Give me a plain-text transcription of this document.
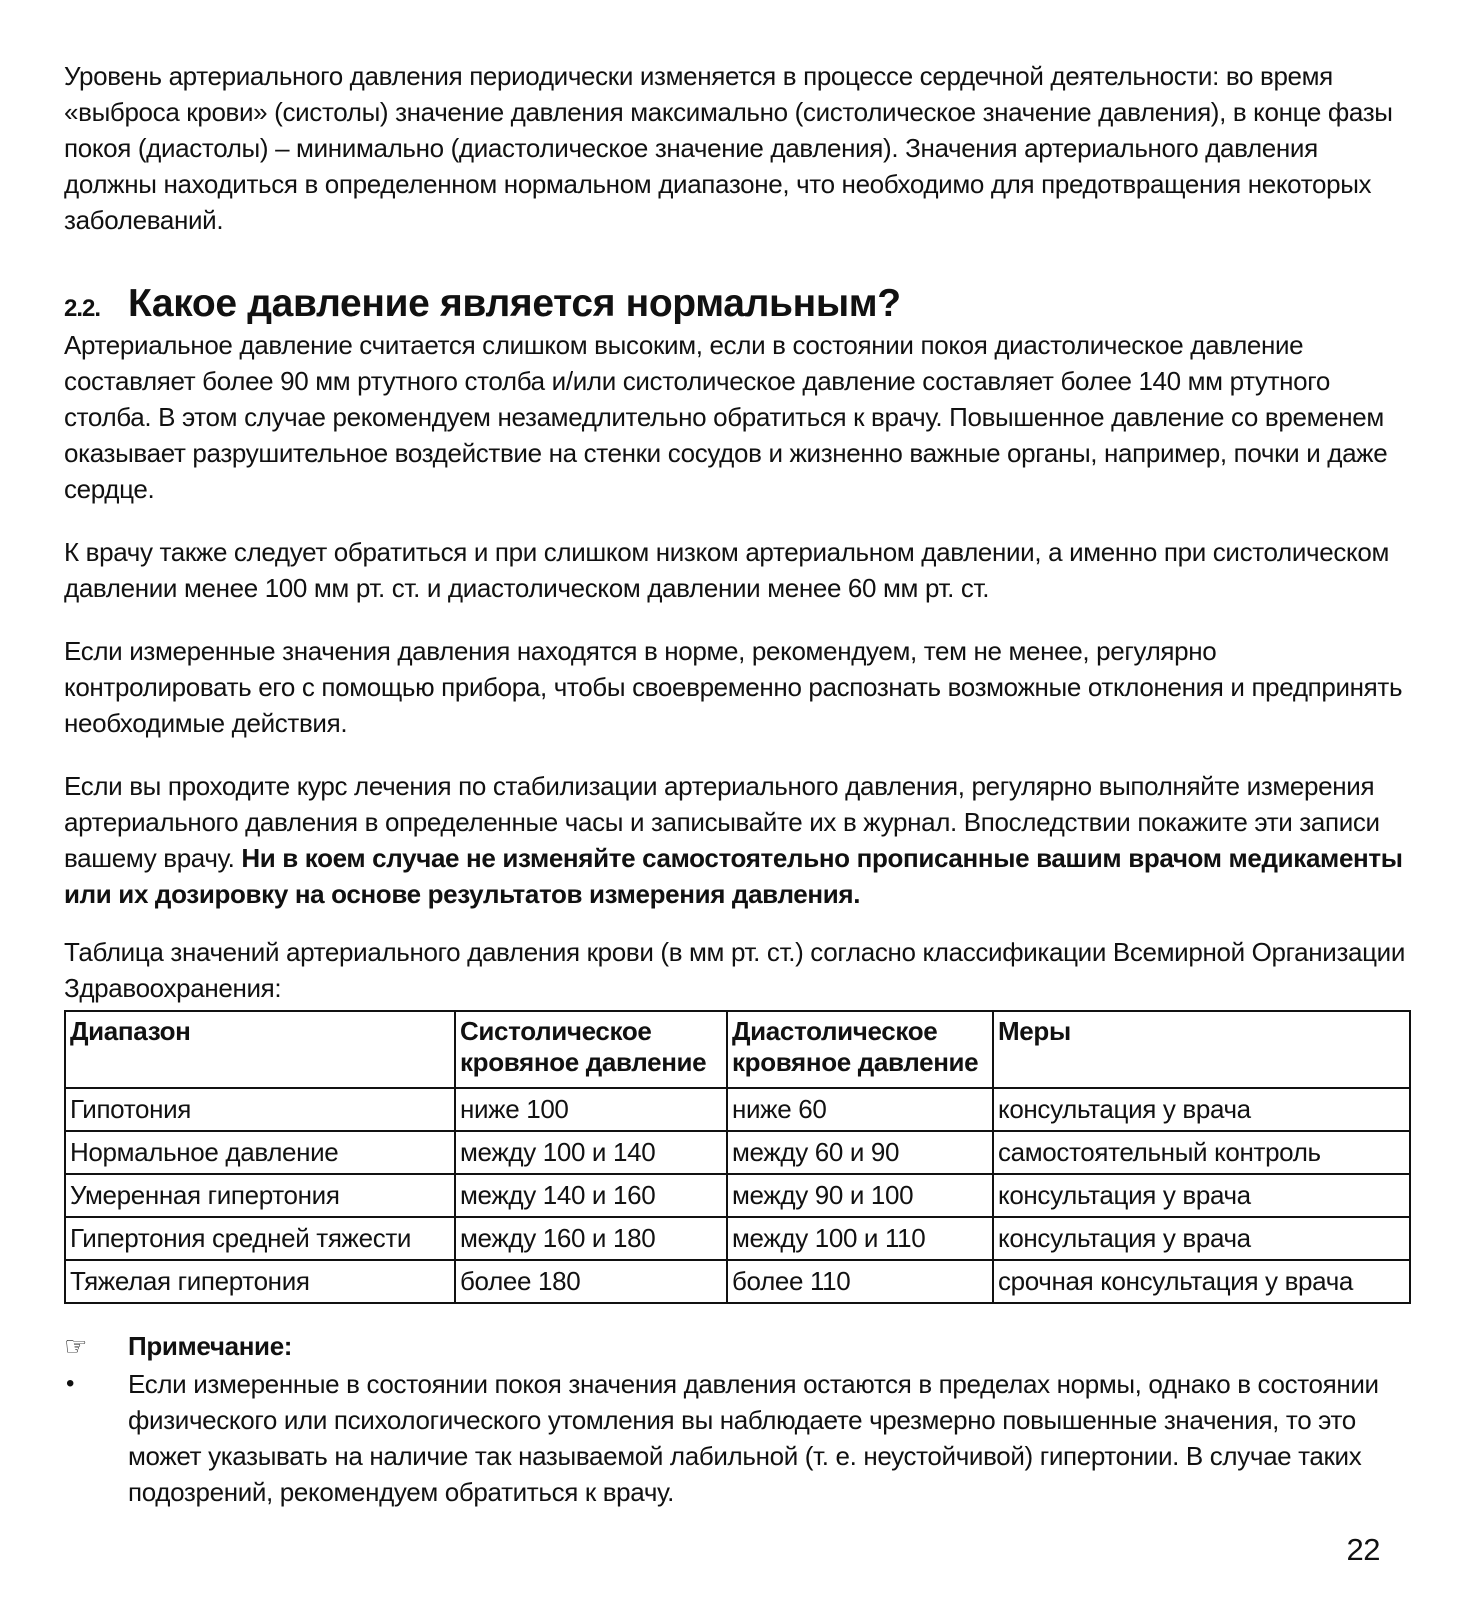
Уровень артериального давления периодически изменяется в процессе сердечной деятельности: во время «выброса крови» (систолы) значение давления максимально (систолическое значение давления), в конце фазы покоя (диастолы) – минимально (диастолическое значение давления). Значения артериального давления должны находиться в определенном нормальном диапазоне, что необходимо для предотвращения некоторых заболеваний.

2.2. Какое давление является нормальным?

Артериальное давление считается слишком высоким, если в состоянии покоя диастолическое давление составляет более 90 мм ртутного столба и/или систолическое давление составляет более 140 мм ртутного столба. В этом случае рекомендуем незамедлительно обратиться к врачу. Повышенное давление со временем оказывает разрушительное воздействие на стенки сосудов и жизненно важные органы, например, почки и даже сердце.

К врачу также следует обратиться и при слишком низком артериальном давлении, а именно при систолическом давлении менее 100 мм рт. ст. и диастолическом давлении менее 60 мм рт. ст.

Если измеренные значения давления находятся в норме, рекомендуем, тем не менее, регулярно контролировать его с помощью прибора, чтобы своевременно распознать возможные отклонения и предпринять необходимые действия.

Если вы проходите курс лечения по стабилизации артериального давления, регулярно выполняйте измерения артериального давления в определенные часы и записывайте их в журнал. Впоследствии покажите эти записи вашему врачу. Ни в коем случае не изменяйте самостоятельно прописанные вашим врачом медикаменты или их дозировку на основе результатов измерения давления.

Таблица значений артериального давления крови (в мм рт. ст.) согласно классификации Всемирной Организации Здравоохранения:

Диапазон	Систолическое кровяное давление	Диастолическое кровяное давление	Меры
Гипотония	ниже 100	ниже 60	консультация у врача
Нормальное давление	между 100 и 140	между 60 и 90	самостоятельный контроль
Умеренная гипертония	между 140 и 160	между 90 и 100	консультация у врача
Гипертония средней тяжести	между 160 и 180	между 100 и 110	консультация у врача
Тяжелая гипертония	более 180	более 110	срочная консультация у врача
☞	Примечание:
•	Если измеренные в состоянии покоя значения давления остаются в пределах нормы, однако в состоянии физического или психологического утомления вы наблюдаете чрезмерно повышенные значения, то это может указывать на наличие так называемой лабильной (т. е. неустойчивой) гипертонии. В случае таких подозрений, рекомендуем обратиться к врачу.
22
